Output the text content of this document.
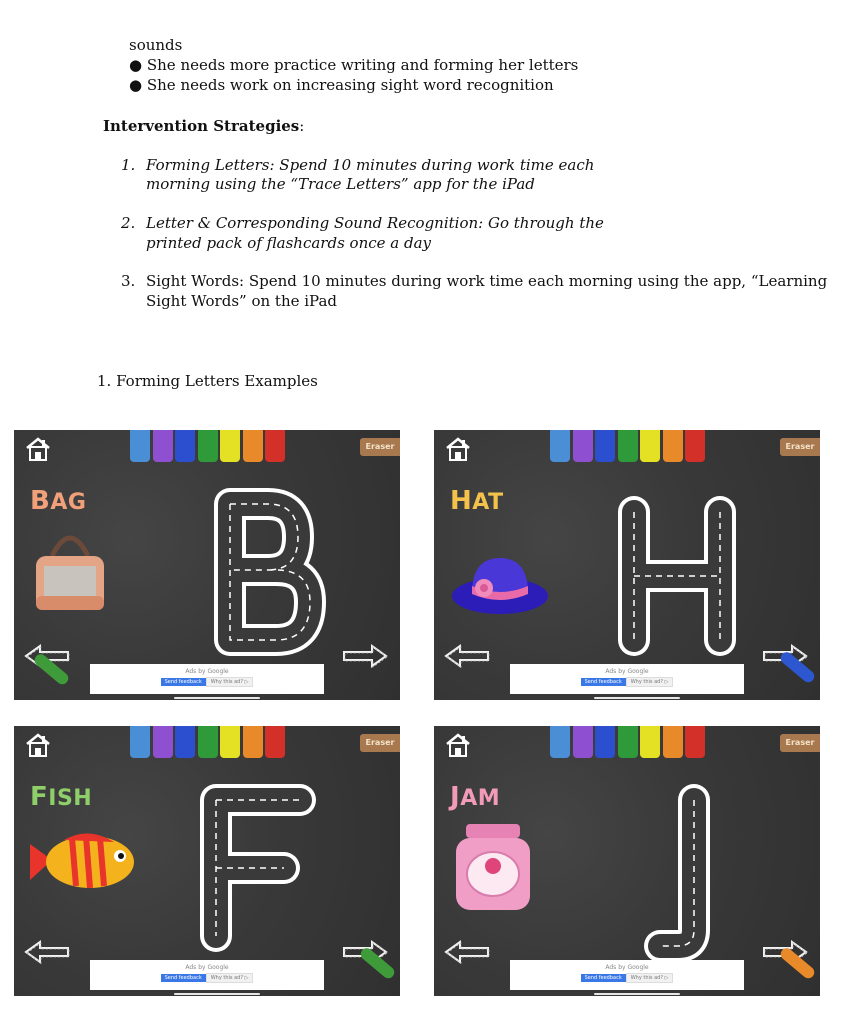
sounds
● She needs more practice writing and forming her letters
● She needs work on increasing sight word recognition
Intervention Strategies:
1. Forming Letters: Spend 10 minutes during work time each
morning using the “Trace Letters” app for the iPad
2. Letter & Corresponding Sound Recognition: Go through the
printed pack of flashcards once a day
3. Sight Words: Spend 10 minutes during work time each morning using the app, “Learning
Sight Words” on the iPad
1. Forming Letters Examples
Eraser
BAG
Ads by Google
Send feedback Why this ad? ▷
Eraser
HAT
Ads by Google
Send feedback Why this ad? ▷
Eraser
FISH
Ads by Google
Send feedback Why this ad? ▷
Eraser
JAM
Ads by Google
Send feedback Why this ad? ▷
